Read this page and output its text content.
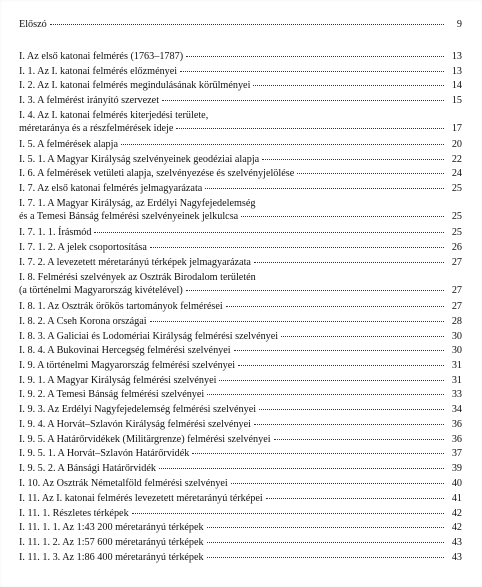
Előszó	9
I. Az első katonai felmérés (1763–1787)	13
I. 1. Az I. katonai felmérés előzményei	13
I. 2. Az I. katonai felmérés megindulásának körülményei	14
I. 3. A felmérést irányító szervezet	15
I. 4. Az I. katonai felmérés kiterjedési területe,
méretaránya és a részfelmérések ideje	17
I. 5. A felmérések alapja	20
I. 5. 1. A Magyar Királyság szelvényeinek geodéziai alapja	22
I. 6. A felmérések vetületi alapja, szelvényezése és szelvényjelölése	24
I. 7. Az első katonai felmérés jelmagyarázata	25
I. 7. 1. A Magyar Királyság, az Erdélyi Nagyfejedelemség
és a Temesi Bánság felmérési szelvényeinek jelkulcsa	25
I. 7. 1. 1. Írásmód	25
I. 7. 1. 2. A jelek csoportosítása	26
I. 7. 2. A levezetett méretarányú térképek jelmagyarázata	27
I. 8. Felmérési szelvények az Osztrák Birodalom területén
(a történelmi Magyarország kivételével)	27
I. 8. 1. Az Osztrák örökös tartományok felmérései	27
I. 8. 2. A Cseh Korona országai	28
I. 8. 3. A Galiciai és Lodomériai Királyság felmérési szelvényei	30
I. 8. 4. A Bukovinai Hercegség felmérési szelvényei	30
I. 9. A történelmi Magyarország felmérési szelvényei	31
I. 9. 1. A Magyar Királyság felmérési szelvényei	31
I. 9. 2. A Temesi Bánság felmérési szelvényei	33
I. 9. 3. Az Erdélyi Nagyfejedelemség felmérési szelvényei	34
I. 9. 4. A Horvát–Szlavón Királyság felmérési szelvényei	36
I. 9. 5. A Határőrvidékek (Militärgrenze) felmérési szelvényei	36
I. 9. 5. 1. A Horvát–Szlavón Határőrvidék	37
I. 9. 5. 2. A Bánsági Határőrvidék	39
I. 10. Az Osztrák Németalföld felmérési szelvényei	40
I. 11. Az I. katonai felmérés levezetett méretarányú térképei	41
I. 11. 1. Részletes térképek	42
I. 11. 1. 1. Az 1:43 200 méretarányú térképek	42
I. 11. 1. 2. Az 1:57 600 méretarányú térképek	43
I. 11. 1. 3. Az 1:86 400 méretarányú térképek	43
